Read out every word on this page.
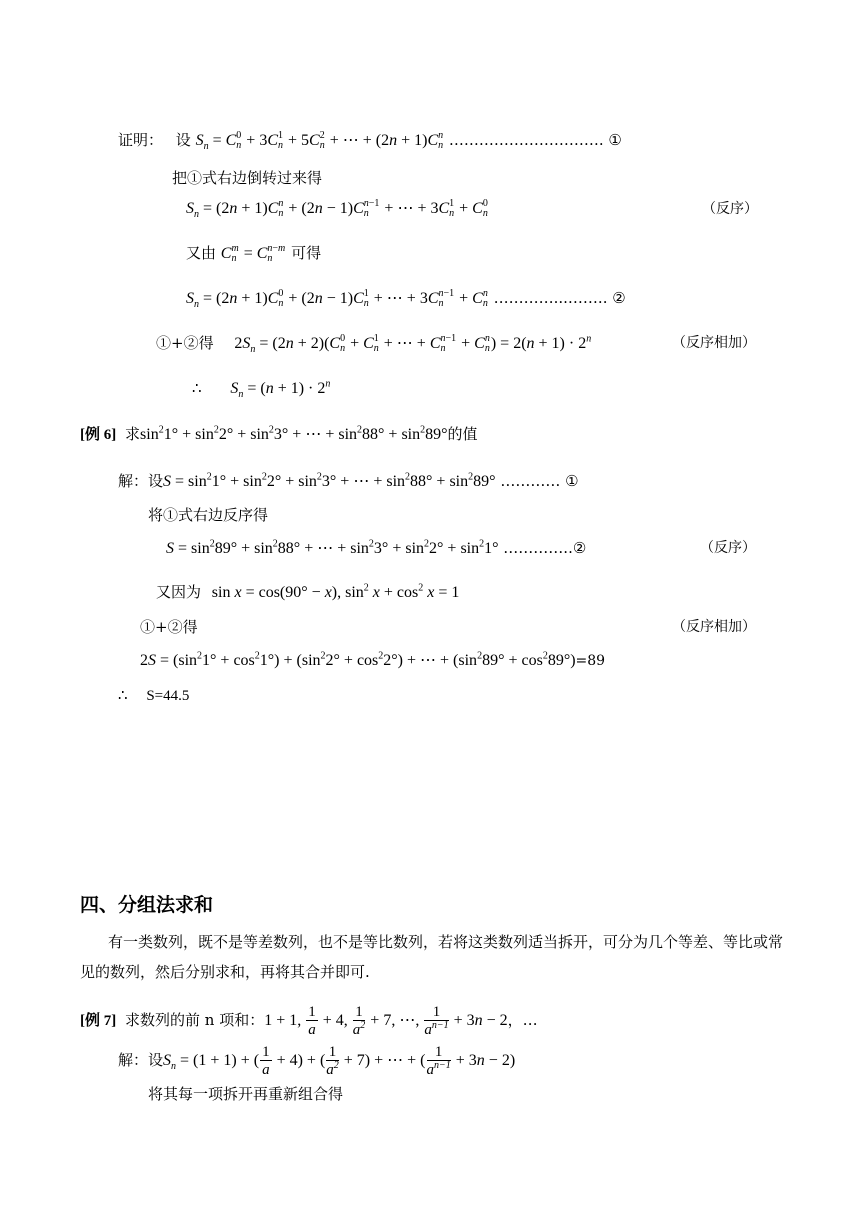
证明： 设 $S_n = C$ 0
n + 3C 1
n + 5C 2
n + ⋯ + (2n + 1)C n
n …………………………. ①
把①式右边倒转过来得
$S_n = (2n + 1)C$ n
n + (2n − 1)C n−1
n + ⋯ + 3C 1
n + C 0
n	（反序）
又由 C m
n = C n−m
n	可得
$S_n = (2n + 1)C$ 0
n + (2n − 1)C 1
n + ⋯ + 3C n−1
n + C n
n …………...…….. ②
①+②得 $2S_n = (2n + 2)(C$ 0
n + C 1
n + ⋯ + C n−1
n + C n
n ) = $2(n + 1) \cdot 2^n$	（反序相加）
∴ $S_n = (n + 1) \cdot 2^n$
[例 6] 求$\sin^21^\circ + \sin^22^\circ + \sin^23^\circ$ + ⋯ + $\sin^288^\circ + \sin^289^\circ$的值
解：设$S = \sin^21^\circ + \sin^22^\circ + \sin^23^\circ$ + ⋯ + $\sin^288^\circ + \sin^289^\circ$ ………… ①
将①式右边反序得
$S = \sin^289^\circ + \sin^288^\circ$ + ⋯ + $\sin^23^\circ + \sin^22^\circ + \sin^21^\circ$ …………..②	（反序）
又因为 sin x = cos(90° − x), $\sin^2 x + \cos^2 x = 1$
①+②得	（反序相加）
$2S = (\sin^21^\circ + \cos^21^\circ) + (\sin^22^\circ + \cos^22^\circ)$ + ⋯ + $(\sin^289^\circ + \cos^289^\circ)=89$
∴ S=44.5
四、分组法求和
有一类数列，既不是等差数列，也不是等比数列，若将这类数列适当拆开，可分为几个等差、等比或常见的数列，然后分别求和，再将其合并即可.
[例 7] 求数列的前 n 项和：1 + 1, $\frac{1}{a} + 4$, $\frac{1}{a^2} + 7$, ⋯, $\frac{1}{a^{n-1}} + 3n - 2$，…
解：设$S_n = (1 + 1)$ + ( $\frac{1}{a} + 4$) + ( $\frac{1}{a^2} + 7$) + ⋯ + ( $\frac{1}{a^{n-1}} + 3n - 2$)
将其每一项拆开再重新组合得
